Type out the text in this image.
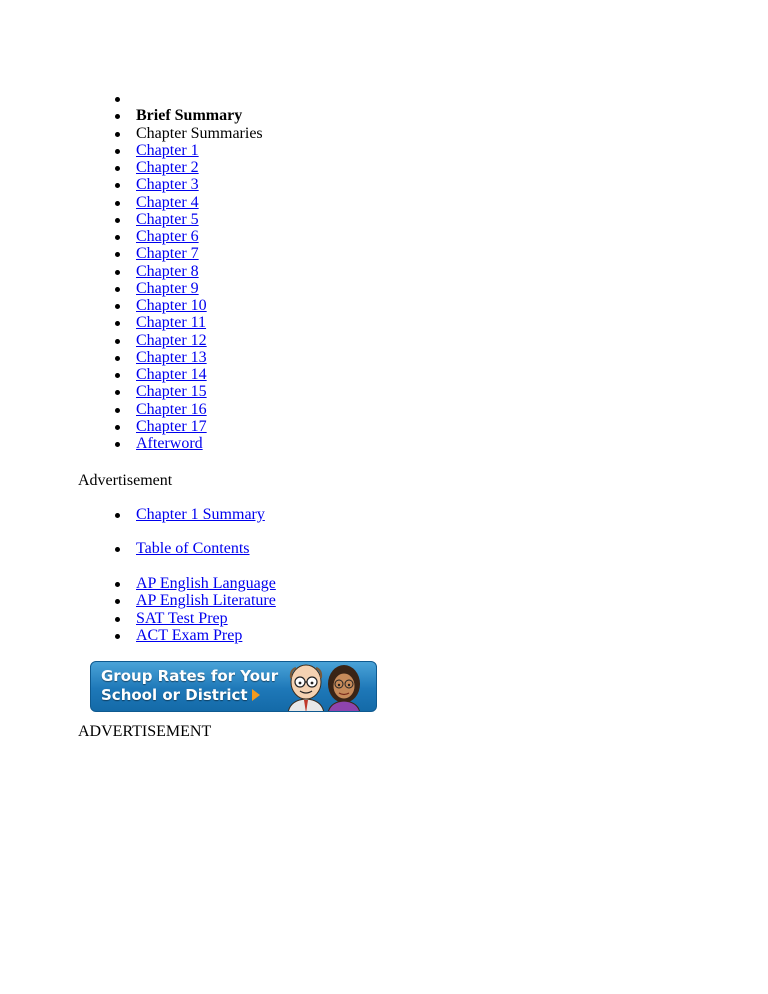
Brief Summary
Chapter Summaries
Chapter 1
Chapter 2
Chapter 3
Chapter 4
Chapter 5
Chapter 6
Chapter 7
Chapter 8
Chapter 9
Chapter 10
Chapter 11
Chapter 12
Chapter 13
Chapter 14
Chapter 15
Chapter 16
Chapter 17
Afterword
Advertisement
Chapter 1 Summary
Table of Contents
AP English Language
AP English Literature
SAT Test Prep
ACT Exam Prep
Group Rates for Your
School or District
ADVERTISEMENT
